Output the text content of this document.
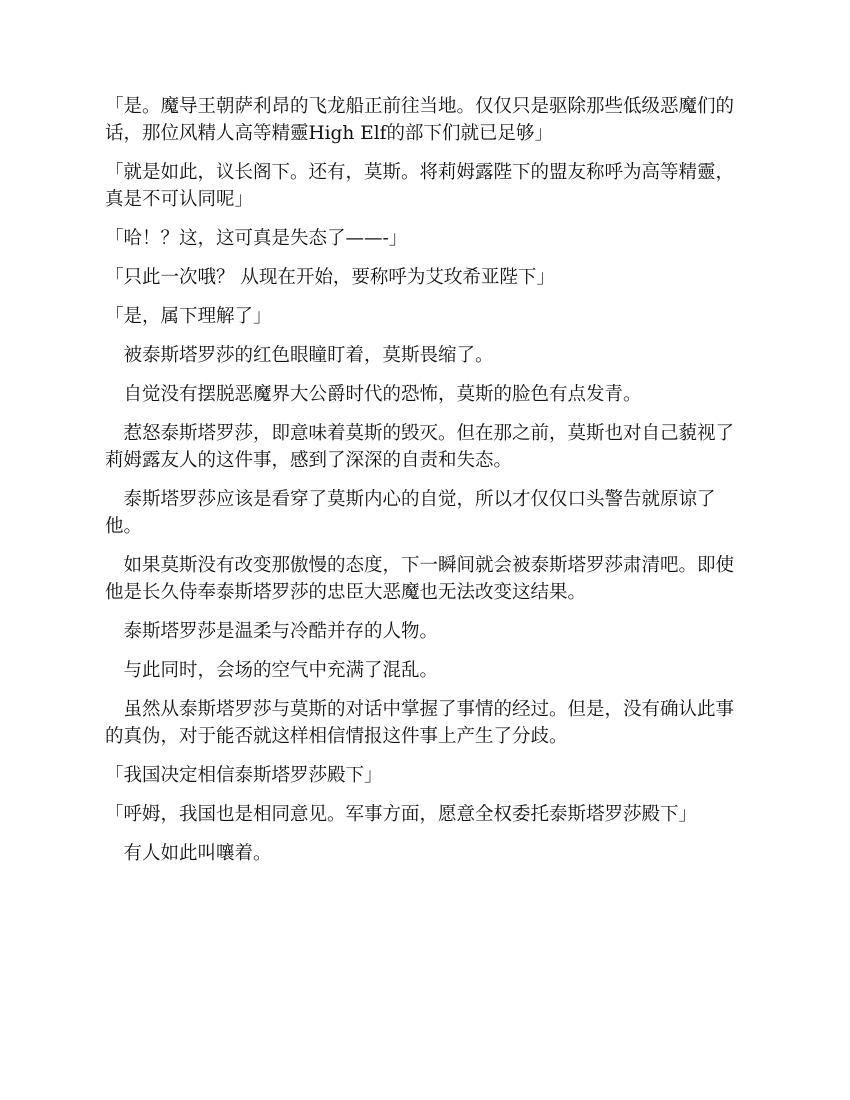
「是。魔导王朝萨利昂的飞龙船正前往当地。仅仅只是驱除那些低级恶魔们的话，那位风精人高等精靈High Elf的部下们就已足够」

「就是如此，议长阁下。还有，莫斯。将莉姆露陛下的盟友称呼为高等精靈，真是不可认同呢」

「哈！？这，这可真是失态了——-」

「只此一次哦？ 从现在开始，要称呼为艾玫希亚陛下」

「是，属下理解了」

　被泰斯塔罗莎的红色眼瞳盯着，莫斯畏缩了。

　自觉没有摆脱恶魔界大公爵时代的恐怖，莫斯的脸色有点发青。

　惹怒泰斯塔罗莎，即意味着莫斯的毁灭。但在那之前，莫斯也对自己藐视了莉姆露友人的这件事，感到了深深的自责和失态。

　泰斯塔罗莎应该是看穿了莫斯内心的自觉，所以才仅仅口头警告就原谅了他。

　如果莫斯没有改变那傲慢的态度，下一瞬间就会被泰斯塔罗莎肃清吧。即使他是长久侍奉泰斯塔罗莎的忠臣大恶魔也无法改变这结果。

　泰斯塔罗莎是温柔与冷酷并存的人物。

　与此同时，会场的空气中充满了混乱。

　虽然从泰斯塔罗莎与莫斯的对话中掌握了事情的经过。但是，没有确认此事的真伪，对于能否就这样相信情报这件事上产生了分歧。

「我国决定相信泰斯塔罗莎殿下」

「呼姆，我国也是相同意见。军事方面，愿意全权委托泰斯塔罗莎殿下」

　有人如此叫嚷着。
